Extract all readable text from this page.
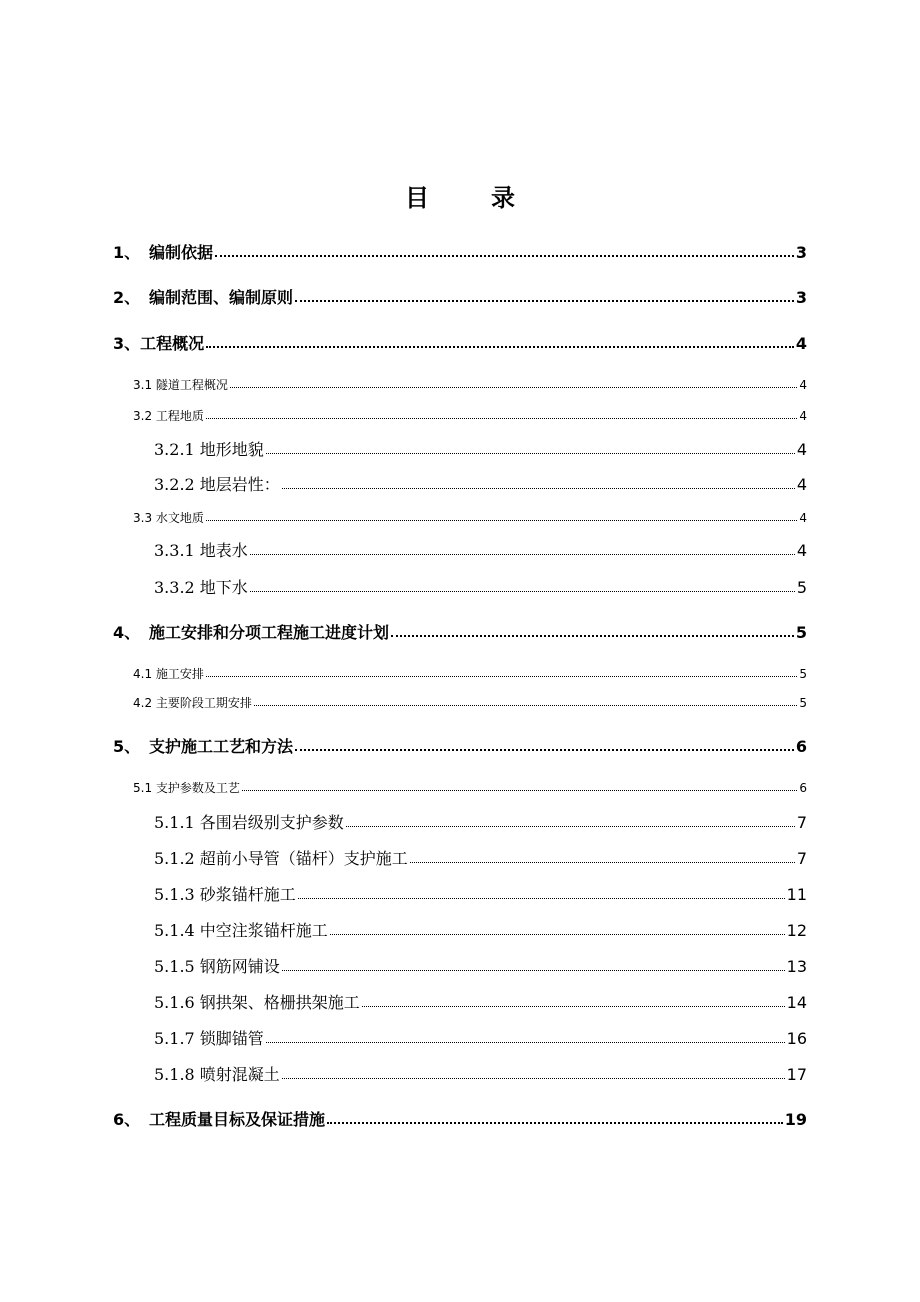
目	录
1、 编制依据	3
2、 编制范围、编制原则	3
3、工程概况	4
3.1 隧道工程概况	4
3.2 工程地质	4
3.2.1 地形地貌	4
3.2.2 地层岩性：	4
3.3 水文地质	4
3.3.1 地表水	4
3.3.2 地下水	5
4、 施工安排和分项工程施工进度计划	5
4.1 施工安排	5
4.2 主要阶段工期安排	5
5、 支护施工工艺和方法	6
5.1 支护参数及工艺	6
5.1.1 各围岩级别支护参数	7
5.1.2 超前小导管（锚杆）支护施工	7
5.1.3 砂浆锚杆施工	11
5.1.4 中空注浆锚杆施工	12
5.1.5 钢筋网铺设	13
5.1.6 钢拱架、格栅拱架施工	14
5.1.7 锁脚锚管	16
5.1.8 喷射混凝土	17
6、 工程质量目标及保证措施	19
